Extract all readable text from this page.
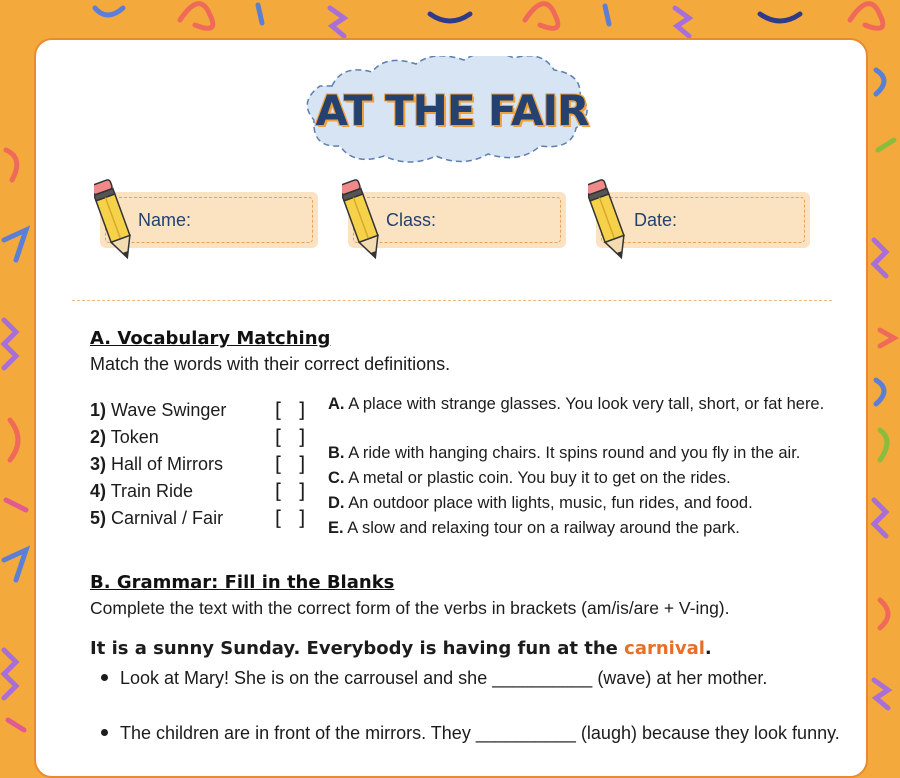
AT THE FAIR
Name:	Class:	Date:
A. Vocabulary Matching
Match the words with their correct definitions.
1) Wave Swinger
2) Token
3) Hall of Mirrors
4) Train Ride
5) Carnival / Fair
[ ]
[ ]
[ ]
[ ]
[ ]
A. A place with strange glasses. You look very tall, short, or fat here.
B. A ride with hanging chairs. It spins round and you fly in the air.
C. A metal or plastic coin. You buy it to get on the rides.
D. An outdoor place with lights, music, fun rides, and food.
E. A slow and relaxing tour on a railway around the park.
B. Grammar: Fill in the Blanks
Complete the text with the correct form of the verbs in brackets (am/is/are + V-ing).
It is a sunny Sunday. Everybody is having fun at the carnival.
Look at Mary! She is on the carrousel and she __________ (wave) at her mother.
The children are in front of the mirrors. They __________ (laugh) because they look funny.
